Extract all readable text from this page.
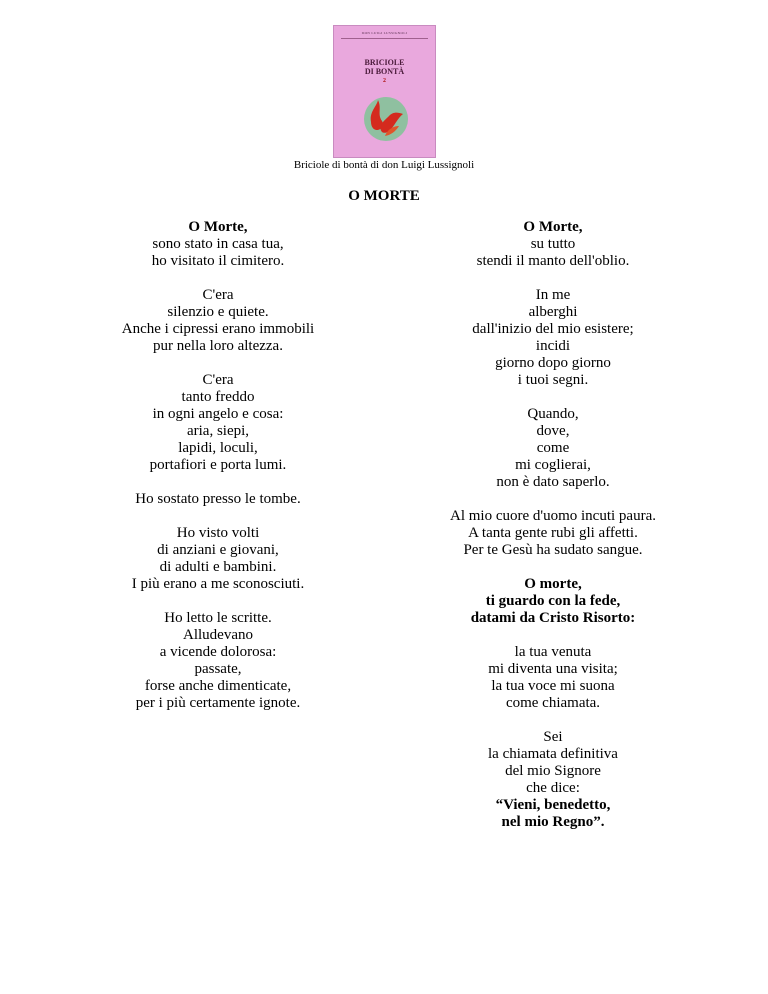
DON LUIGI LUSSIGNOLI
BRICIOLE
DI BONTÀ
2
Briciole di bontà di don Luigi Lussignoli
O MORTE
O Morte,
sono stato in casa tua,
ho visitato il cimitero.
C'era
silenzio e quiete.
Anche i cipressi erano immobili
pur nella loro altezza.
C'era
tanto freddo
in ogni angelo e cosa:
aria, siepi,
lapidi, loculi,
portafiori e porta lumi.
Ho sostato presso le tombe.
Ho visto volti
di anziani e giovani,
di adulti e bambini.
I più erano a me sconosciuti.
Ho letto le scritte.
Alludevano
a vicende dolorosa:
passate,
forse anche dimenticate,
per i più certamente ignote.
O Morte,
su tutto
stendi il manto dell'oblio.
In me
alberghi
dall'inizio del mio esistere;
incidi
giorno dopo giorno
i tuoi segni.
Quando,
dove,
come
mi coglierai,
non è dato saperlo.
Al mio cuore d'uomo incuti paura.
A tanta gente rubi gli affetti.
Per te Gesù ha sudato sangue.
O morte,
ti guardo con la fede,
datami da Cristo Risorto:
la tua venuta
mi diventa una visita;
la tua voce mi suona
come chiamata.
Sei
la chiamata definitiva
del mio Signore
che dice:
“Vieni, benedetto,
nel mio Regno”.
